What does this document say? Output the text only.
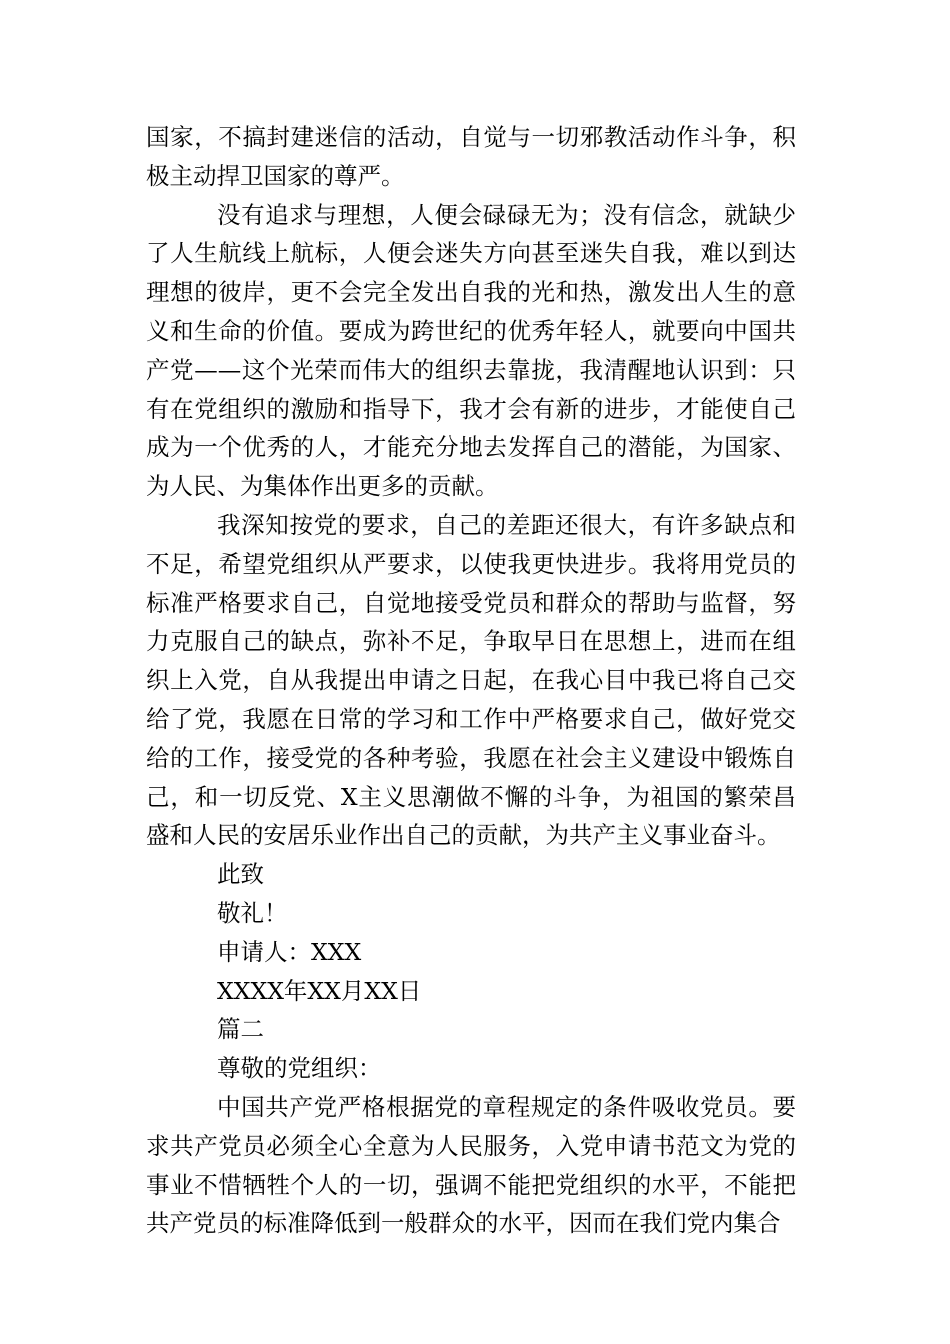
国家，不搞封建迷信的活动，自觉与一切邪教活动作斗争，积极主动捍卫国家的尊严。

没有追求与理想，人便会碌碌无为；没有信念，就缺少了人生航线上航标，人便会迷失方向甚至迷失自我，难以到达理想的彼岸，更不会完全发出自我的光和热，激发出人生的意义和生命的价值。要成为跨世纪的优秀年轻人，就要向中国共产党——这个光荣而伟大的组织去靠拢，我清醒地认识到：只有在党组织的激励和指导下，我才会有新的进步，才能使自己成为一个优秀的人，才能充分地去发挥自己的潜能，为国家、为人民、为集体作出更多的贡献。

我深知按党的要求，自己的差距还很大，有许多缺点和不足，希望党组织从严要求，以使我更快进步。我将用党员的标准严格要求自己，自觉地接受党员和群众的帮助与监督，努力克服自己的缺点，弥补不足，争取早日在思想上，进而在组织上入党，自从我提出申请之日起，在我心目中我已将自己交给了党，我愿在日常的学习和工作中严格要求自己，做好党交给的工作，接受党的各种考验，我愿在社会主义建设中锻炼自己，和一切反党、X主义思潮做不懈的斗争，为祖国的繁荣昌盛和人民的安居乐业作出自己的贡献，为共产主义事业奋斗。

此致

敬礼！

申请人：XXX

XXXX年XX月XX日

篇二

尊敬的党组织：

中国共产党严格根据党的章程规定的条件吸收党员。要求共产党员必须全心全意为人民服务，入党申请书范文为党的事业不惜牺牲个人的一切，强调不能把党组织的水平，不能把共产党员的标准降低到一般群众的水平，因而在我们党内集合
